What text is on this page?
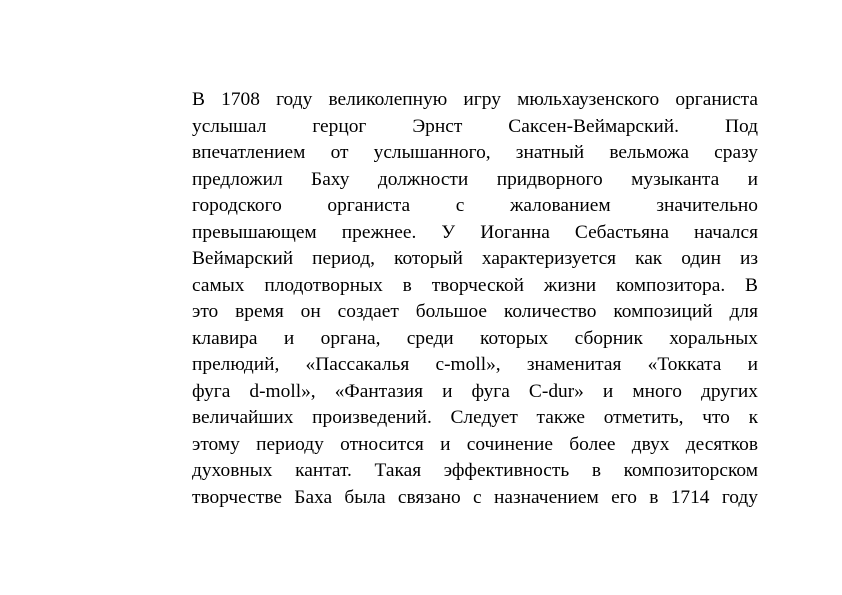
В 1708 году великолепную игру мюльхаузенского органиста
услышал герцог Эрнст Саксен-Веймарский. Под
впечатлением от услышанного, знатный вельможа сразу
предложил Баху должности придворного музыканта и
городского органиста с жалованием значительно
превышающем прежнее. У Иоганна Себастьяна начался
Веймарский период, который характеризуется как один из
самых плодотворных в творческой жизни композитора. В
это время он создает большое количество композиций для
клавира и органа, среди которых сборник хоральных
прелюдий, «Пассакалья c-moll», знаменитая «Токката и
фуга d-moll», «Фантазия и фуга C-dur» и много других
величайших произведений. Следует также отметить, что к
этому периоду относится и сочинение более двух десятков
духовных кантат. Такая эффективность в композиторском
творчестве Баха была связано с назначением его в 1714 году
